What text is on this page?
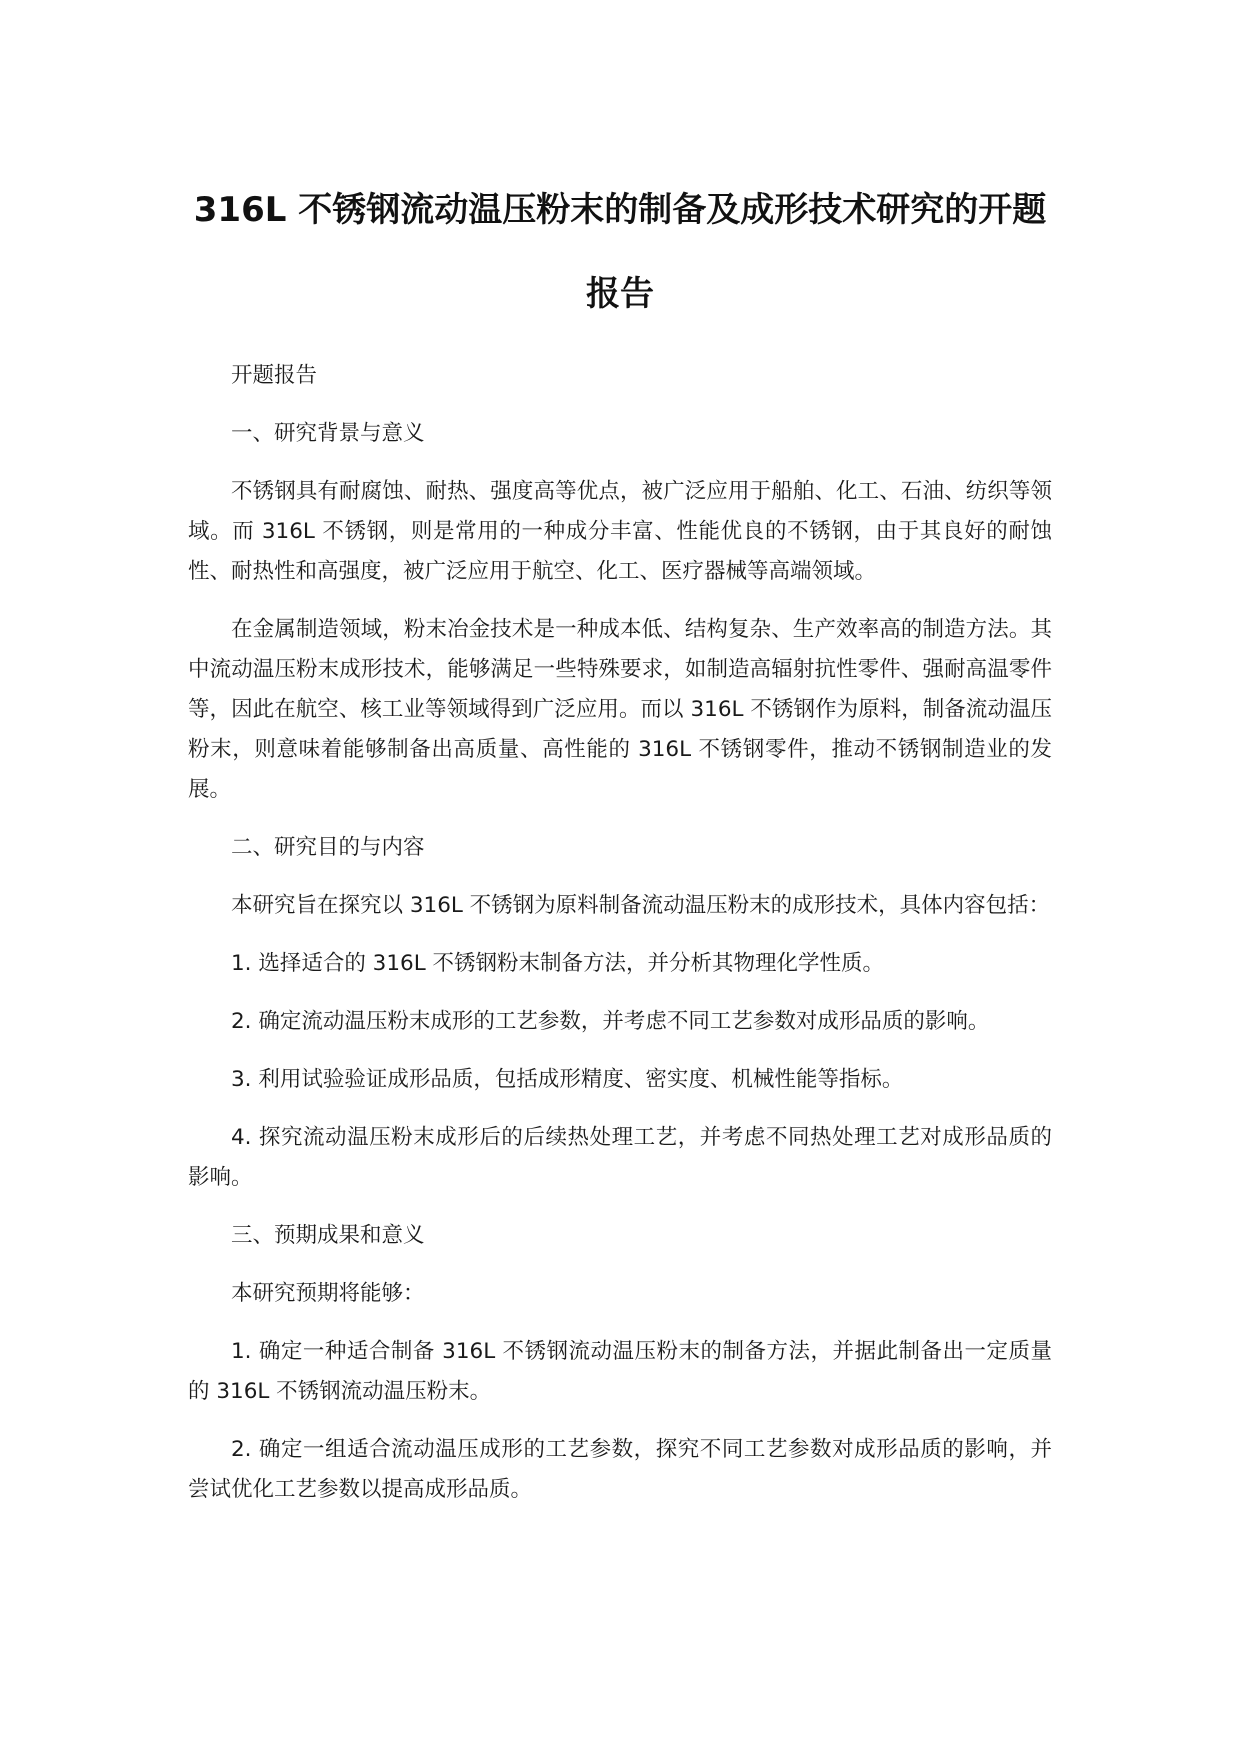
316L 不锈钢流动温压粉末的制备及成形技术研究的开题报告

开题报告

一、研究背景与意义

不锈钢具有耐腐蚀、耐热、强度高等优点，被广泛应用于船舶、化工、石油、纺织等领域。而 316L 不锈钢，则是常用的一种成分丰富、性能优良的不锈钢，由于其良好的耐蚀性、耐热性和高强度，被广泛应用于航空、化工、医疗器械等高端领域。

在金属制造领域，粉末冶金技术是一种成本低、结构复杂、生产效率高的制造方法。其中流动温压粉末成形技术，能够满足一些特殊要求，如制造高辐射抗性零件、强耐高温零件等，因此在航空、核工业等领域得到广泛应用。而以 316L 不锈钢作为原料，制备流动温压粉末，则意味着能够制备出高质量、高性能的 316L 不锈钢零件，推动不锈钢制造业的发展。

二、研究目的与内容

本研究旨在探究以 316L 不锈钢为原料制备流动温压粉末的成形技术，具体内容包括：

1. 选择适合的 316L 不锈钢粉末制备方法，并分析其物理化学性质。

2. 确定流动温压粉末成形的工艺参数，并考虑不同工艺参数对成形品质的影响。

3. 利用试验验证成形品质，包括成形精度、密实度、机械性能等指标。

4. 探究流动温压粉末成形后的后续热处理工艺，并考虑不同热处理工艺对成形品质的影响。

三、预期成果和意义

本研究预期将能够：

1. 确定一种适合制备 316L 不锈钢流动温压粉末的制备方法，并据此制备出一定质量的 316L 不锈钢流动温压粉末。

2. 确定一组适合流动温压成形的工艺参数，探究不同工艺参数对成形品质的影响，并尝试优化工艺参数以提高成形品质。
